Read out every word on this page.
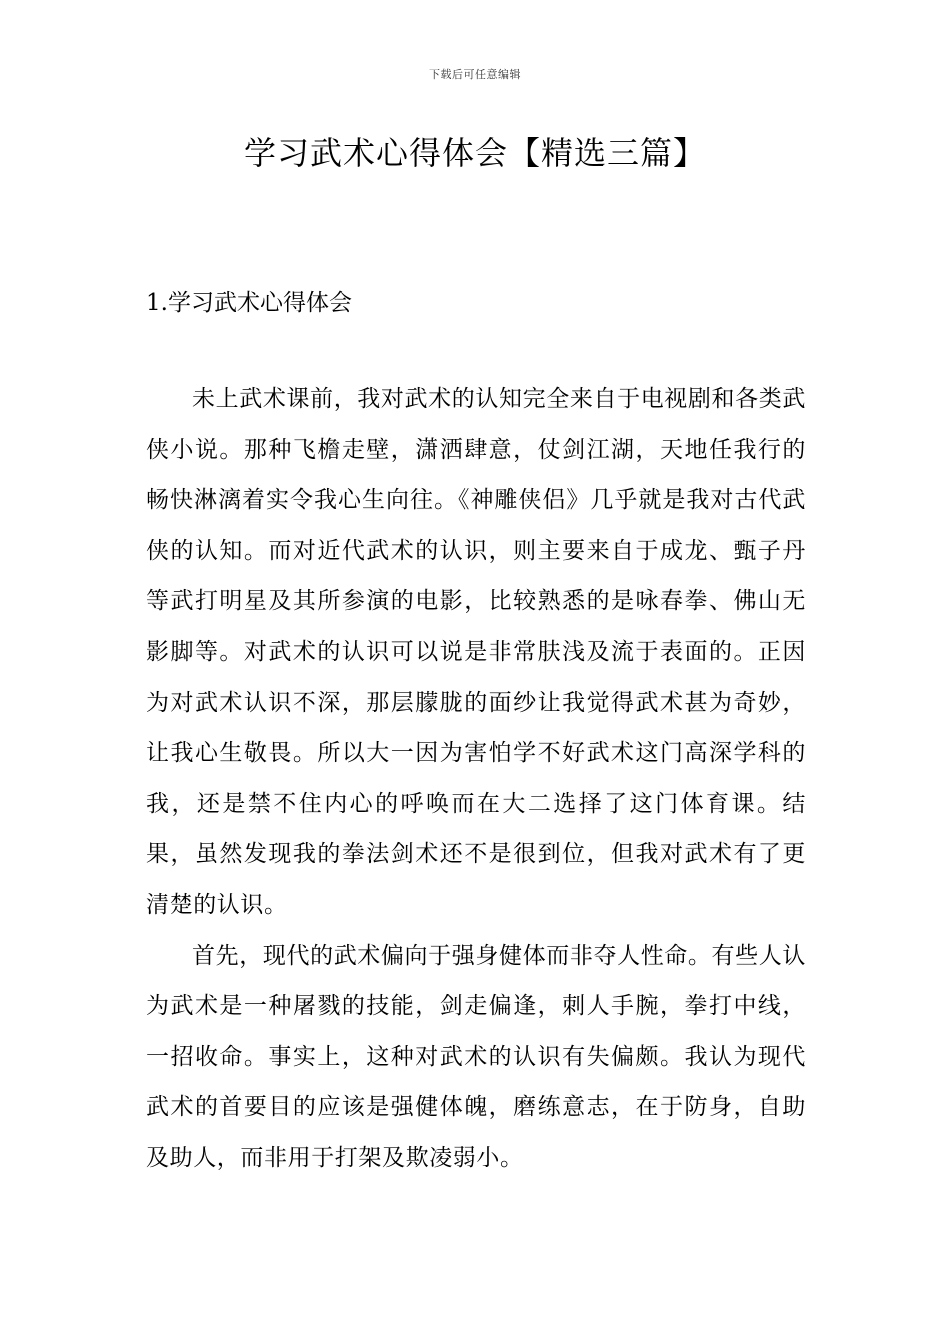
下载后可任意编辑
学习武术心得体会【精选三篇】
1.学习武术心得体会

未上武术课前，我对武术的认知完全来自于电视剧和各类武侠小说。那种飞檐走壁，潇洒肆意，仗剑江湖，天地任我行的畅快淋漓着实令我心生向往。《神雕侠侣》几乎就是我对古代武侠的认知。而对近代武术的认识，则主要来自于成龙、甄子丹等武打明星及其所参演的电影，比较熟悉的是咏春拳、佛山无影脚等。对武术的认识可以说是非常肤浅及流于表面的。正因为对武术认识不深，那层朦胧的面纱让我觉得武术甚为奇妙，让我心生敬畏。所以大一因为害怕学不好武术这门高深学科的我，还是禁不住内心的呼唤而在大二选择了这门体育课。结果，虽然发现我的拳法剑术还不是很到位，但我对武术有了更清楚的认识。

首先，现代的武术偏向于强身健体而非夺人性命。有些人认为武术是一种屠戮的技能，剑走偏逢，刺人手腕，拳打中线，一招收命。事实上，这种对武术的认识有失偏颇。我认为现代武术的首要目的应该是强健体魄，磨练意志，在于防身，自助及助人，而非用于打架及欺凌弱小。
